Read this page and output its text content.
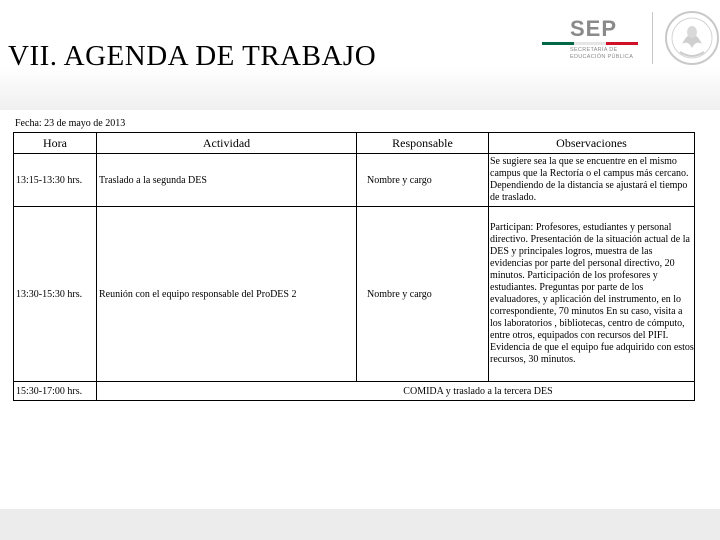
VII. AGENDA DE TRABAJO
SEP
SECRETARÍA DE
EDUCACIÓN PÚBLICA
Fecha: 23 de mayo de 2013
Hora	Actividad	Responsable	Observaciones
13:15-13:30 hrs.	Traslado a la segunda DES	Nombre y cargo	Se sugiere sea la que se encuentre en el mismo campus que la Rectoría o el campus más cercano. Dependiendo de la distancia se ajustará el tiempo de traslado.
13:30-15:30 hrs.	Reunión con el equipo responsable del ProDES 2	Nombre y cargo	Participan: Profesores, estudiantes y personal directivo. Presentación de la situación actual de la DES y principales logros, muestra de las evidencias por parte del personal directivo, 20 minutos. Participación de los profesores y estudiantes. Preguntas por parte de los evaluadores, y aplicación del instrumento, en lo correspondiente, 70 minutos En su caso, visita a los laboratorios , bibliotecas, centro de cómputo, entre otros, equipados con recursos del PIFI. Evidencia de que el equipo fue adquirido con estos recursos, 30 minutos.
15:30-17:00 hrs.	COMIDA y traslado a la tercera DES		
